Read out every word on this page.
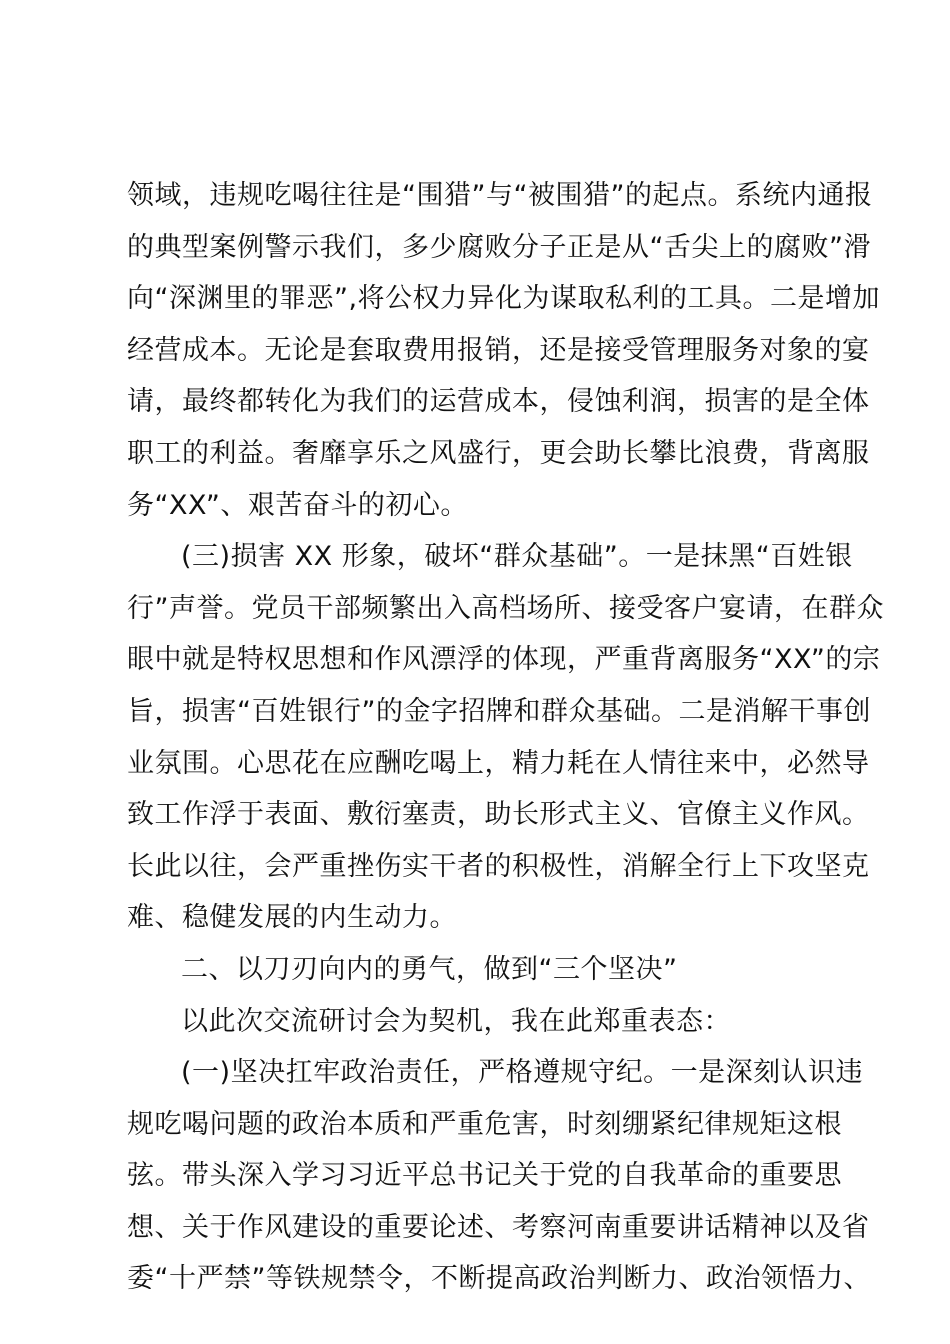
领域，违规吃喝往往是“围猎”与“被围猎”的起点。系统内通报
的典型案例警示我们，多少腐败分子正是从“舌尖上的腐败”滑
向“深渊里的罪恶”,将公权力异化为谋取私利的工具。二是增加
经营成本。无论是套取费用报销，还是接受管理服务对象的宴
请，最终都转化为我们的运营成本，侵蚀利润，损害的是全体
职工的利益。奢靡享乐之风盛行，更会助长攀比浪费，背离服
务“XX”、艰苦奋斗的初心。
(三)损害 XX 形象，破坏“群众基础”。一是抹黑“百姓银
行”声誉。党员干部频繁出入高档场所、接受客户宴请，在群众
眼中就是特权思想和作风漂浮的体现，严重背离服务“XX”的宗
旨，损害“百姓银行”的金字招牌和群众基础。二是消解干事创
业氛围。心思花在应酬吃喝上，精力耗在人情往来中，必然导
致工作浮于表面、敷衍塞责，助长形式主义、官僚主义作风。
长此以往，会严重挫伤实干者的积极性，消解全行上下攻坚克
难、稳健发展的内生动力。
二、以刀刃向内的勇气，做到“三个坚决”
以此次交流研讨会为契机，我在此郑重表态：
(一)坚决扛牢政治责任，严格遵规守纪。一是深刻认识违
规吃喝问题的政治本质和严重危害，时刻绷紧纪律规矩这根
弦。带头深入学习习近平总书记关于党的自我革命的重要思
想、关于作风建设的重要论述、考察河南重要讲话精神以及省
委“十严禁”等铁规禁令，不断提高政治判断力、政治领悟力、
